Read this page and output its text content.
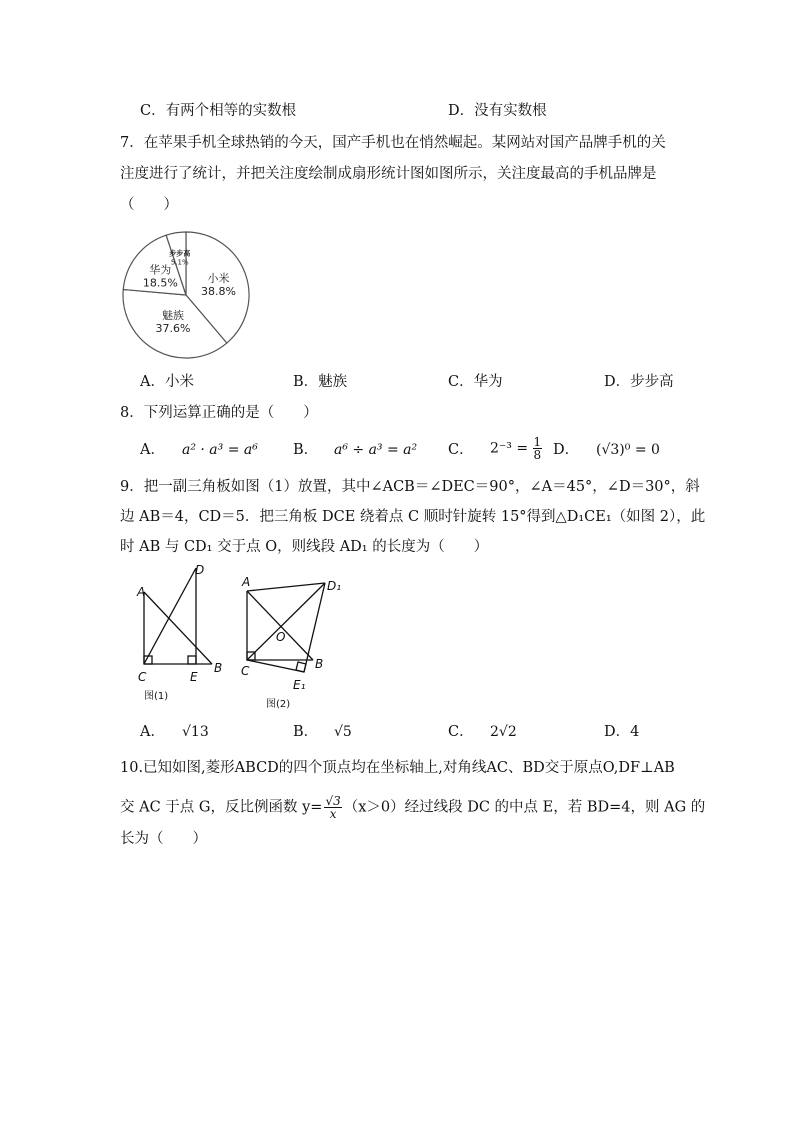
C．有两个相等的实数根	D．没有实数根
7．在苹果手机全球热销的今天，国产手机也在悄然崛起。某网站对国产品牌手机的关
注度进行了统计，并把关注度绘制成扇形统计图如图所示，关注度最高的手机品牌是
（　　）
小米
38.8%
魅族
37.6%
华为
18.5%
步步高
5.1%
A．小米	B．魅族	C．华为	D．步步高
8．下列运算正确的是（　　）
A． a² · a³ = a⁶ B． a⁶ ÷ a³ = a² C． $2^{-3} = \frac{1}{8}$ D． (√3)⁰ = 0
9．把一副三角板如图（1）放置，其中∠ACB＝∠DEC＝90°，∠A＝45°，∠D＝30°，斜
边 AB＝4，CD＝5．把三角板 DCE 绕着点 C 顺时针旋转 15°得到△D₁CE₁（如图 2），此
时 AB 与 CD₁ 交于点 O，则线段 AD₁ 的长度为（　　）
A
D
C	E
B
图(1)
A	D₁
O
C	B
E₁
图(2)
A． √13	B． √5	C． 2√2	D．4
10.已知如图,菱形ABCD的四个顶点均在坐标轴上,对角线AC、BD交于原点O,DF⊥AB
交 AC 于点 G，反比例函数 $y= \frac{√3}{x} (x>0)$经过线段 DC 的中点 E，若 BD=4，则 AG 的
长为（　　）
